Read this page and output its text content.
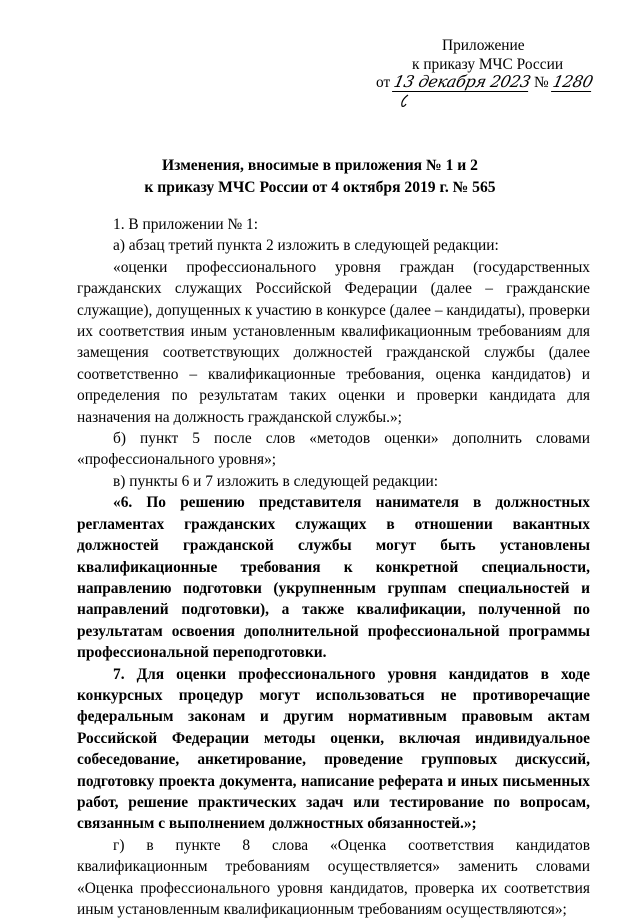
Приложение
к приказу МЧС России
от 13 декабря 2023 № 1280
Изменения, вносимые в приложения № 1 и 2
к приказу МЧС России от 4 октября 2019 г. № 565

1. В приложении № 1:

а) абзац третий пункта 2 изложить в следующей редакции:

«оценки профессионального уровня граждан (государственных гражданских служащих Российской Федерации (далее – гражданские служащие), допущенных к участию в конкурсе (далее – кандидаты), проверки их соответствия иным установленным квалификационным требованиям для замещения соответствующих должностей гражданской службы (далее соответственно – квалификационные требования, оценка кандидатов) и определения по результатам таких оценки и проверки кандидата для назначения на должность гражданской службы.»;

б) пункт 5 после слов «методов оценки» дополнить словами «профессионального уровня»;

в) пункты 6 и 7 изложить в следующей редакции:

«6. По решению представителя нанимателя в должностных регламентах гражданских служащих в отношении вакантных должностей гражданской службы могут быть установлены квалификационные требования к конкретной специальности, направлению подготовки (укрупненным группам специальностей и направлений подготовки), а также квалификации, полученной по результатам освоения дополнительной профессиональной программы профессиональной переподготовки.

7. Для оценки профессионального уровня кандидатов в ходе конкурсных процедур могут использоваться не противоречащие федеральным законам и другим нормативным правовым актам Российской Федерации методы оценки, включая индивидуальное собеседование, анкетирование, проведение групповых дискуссий, подготовку проекта документа, написание реферата и иных письменных работ, решение практических задач или тестирование по вопросам, связанным с выполнением должностных обязанностей.»;

г) в пункте 8 слова «Оценка соответствия кандидатов квалификационным требованиям осуществляется» заменить словами «Оценка профессионального уровня кандидатов, проверка их соответствия иным установленным квалификационным требованиям осуществляются»;
